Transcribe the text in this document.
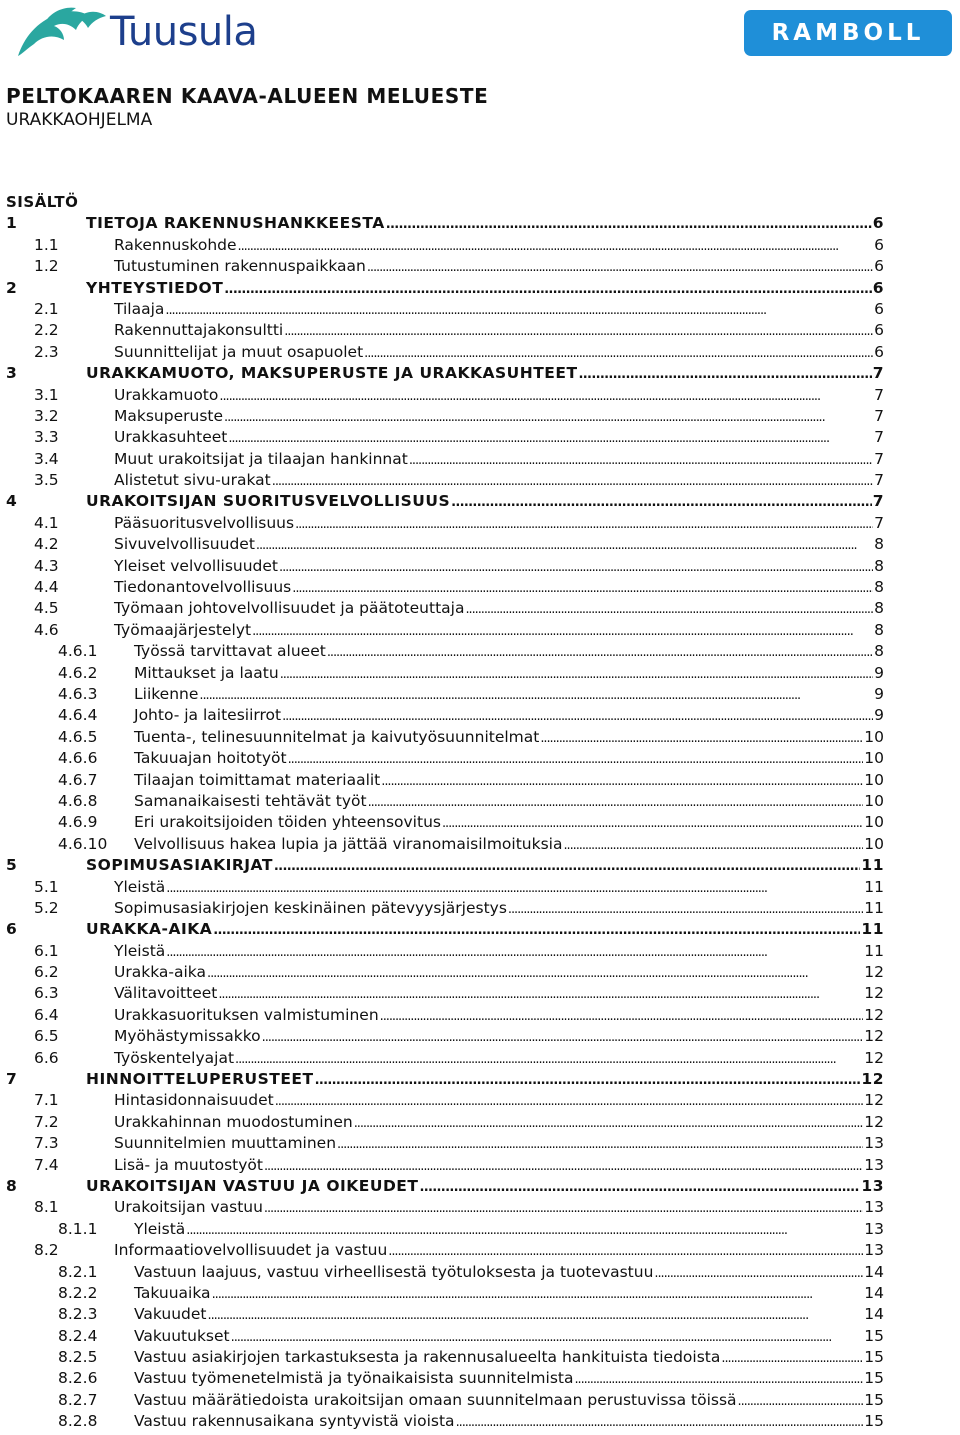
Tuusula	RAMBOLL
PELTOKAAREN KAAVA-ALUEEN MELUESTE
URAKKAOHJELMA
SISÄLTÖ
1	TIETOJA RAKENNUSHANKKEESTA . . .	6
1.1	Rakennuskohde . . .	6
1.2	Tutustuminen rakennuspaikkaan . . .	6
2	YHTEYSTIEDOT . . .	6
2.1	Tilaaja . . .	6
2.2	Rakennuttajakonsultti . . .	6
2.3	Suunnittelijat ja muut osapuolet . . .	6
3	URAKKAMUOTO, MAKSUPERUSTE JA URAKKASUHTEET . . .	7
3.1	Urakkamuoto . . .	7
3.2	Maksuperuste . . .	7
3.3	Urakkasuhteet . . .	7
3.4	Muut urakoitsijat ja tilaajan hankinnat . . .	7
3.5	Alistetut sivu-urakat . . .	7
4	URAKOITSIJAN SUORITUSVELVOLLISUUS . . .	7
4.1	Pääsuoritusvelvollisuus . . .	7
4.2	Sivuvelvollisuudet . . .	8
4.3	Yleiset velvollisuudet . . .	8
4.4	Tiedonantovelvollisuus . . .	8
4.5	Työmaan johtovelvollisuudet ja päätoteuttaja . . .	8
4.6	Työmaajärjestelyt . . .	8
4.6.1	Työssä tarvittavat alueet . . .	8
4.6.2	Mittaukset ja laatu . . .	9
4.6.3	Liikenne . . .	9
4.6.4	Johto- ja laitesiirrot . . .	9
4.6.5	Tuenta-, telinesuunnitelmat ja kaivutyösuunnitelmat . . .	10
4.6.6	Takuuajan hoitotyöt . . .	10
4.6.7	Tilaajan toimittamat materiaalit . . .	10
4.6.8	Samanaikaisesti tehtävät työt . . .	10
4.6.9	Eri urakoitsijoiden töiden yhteensovitus . . .	10
4.6.10	Velvollisuus hakea lupia ja jättää viranomaisilmoituksia . . .	10
5	SOPIMUSASIAKIRJAT . . .	11
5.1	Yleistä . . .	11
5.2	Sopimusasiakirjojen keskinäinen pätevyysjärjestys . . .	11
6	URAKKA-AIKA . . .	11
6.1	Yleistä . . .	11
6.2	Urakka-aika . . .	12
6.3	Välitavoitteet . . .	12
6.4	Urakkasuorituksen valmistuminen . . .	12
6.5	Myöhästymissakko . . .	12
6.6	Työskentelyajat . . .	12
7	HINNOITTELUPERUSTEET . . .	12
7.1	Hintasidonnaisuudet . . .	12
7.2	Urakkahinnan muodostuminen . . .	12
7.3	Suunnitelmien muuttaminen . . .	13
7.4	Lisä- ja muutostyöt . . .	13
8	URAKOITSIJAN VASTUU JA OIKEUDET . . .	13
8.1	Urakoitsijan vastuu . . .	13
8.1.1	Yleistä . . .	13
8.2	Informaatiovelvollisuudet ja vastuu . . .	13
8.2.1	Vastuun laajuus, vastuu virheellisestä työtuloksesta ja tuotevastuu . . .	14
8.2.2	Takuuaika . . .	14
8.2.3	Vakuudet . . .	14
8.2.4	Vakuutukset . . .	15
8.2.5	Vastuu asiakirjojen tarkastuksesta ja rakennusalueelta hankituista tiedoista . . .	15
8.2.6	Vastuu työmenetelmistä ja työnaikaisista suunnitelmista . . .	15
8.2.7	Vastuu määrätiedoista urakoitsijan omaan suunnitelmaan perustuvissa töissä . . .	15
8.2.8	Vastuu rakennusaikana syntyvistä vioista . . .	15
